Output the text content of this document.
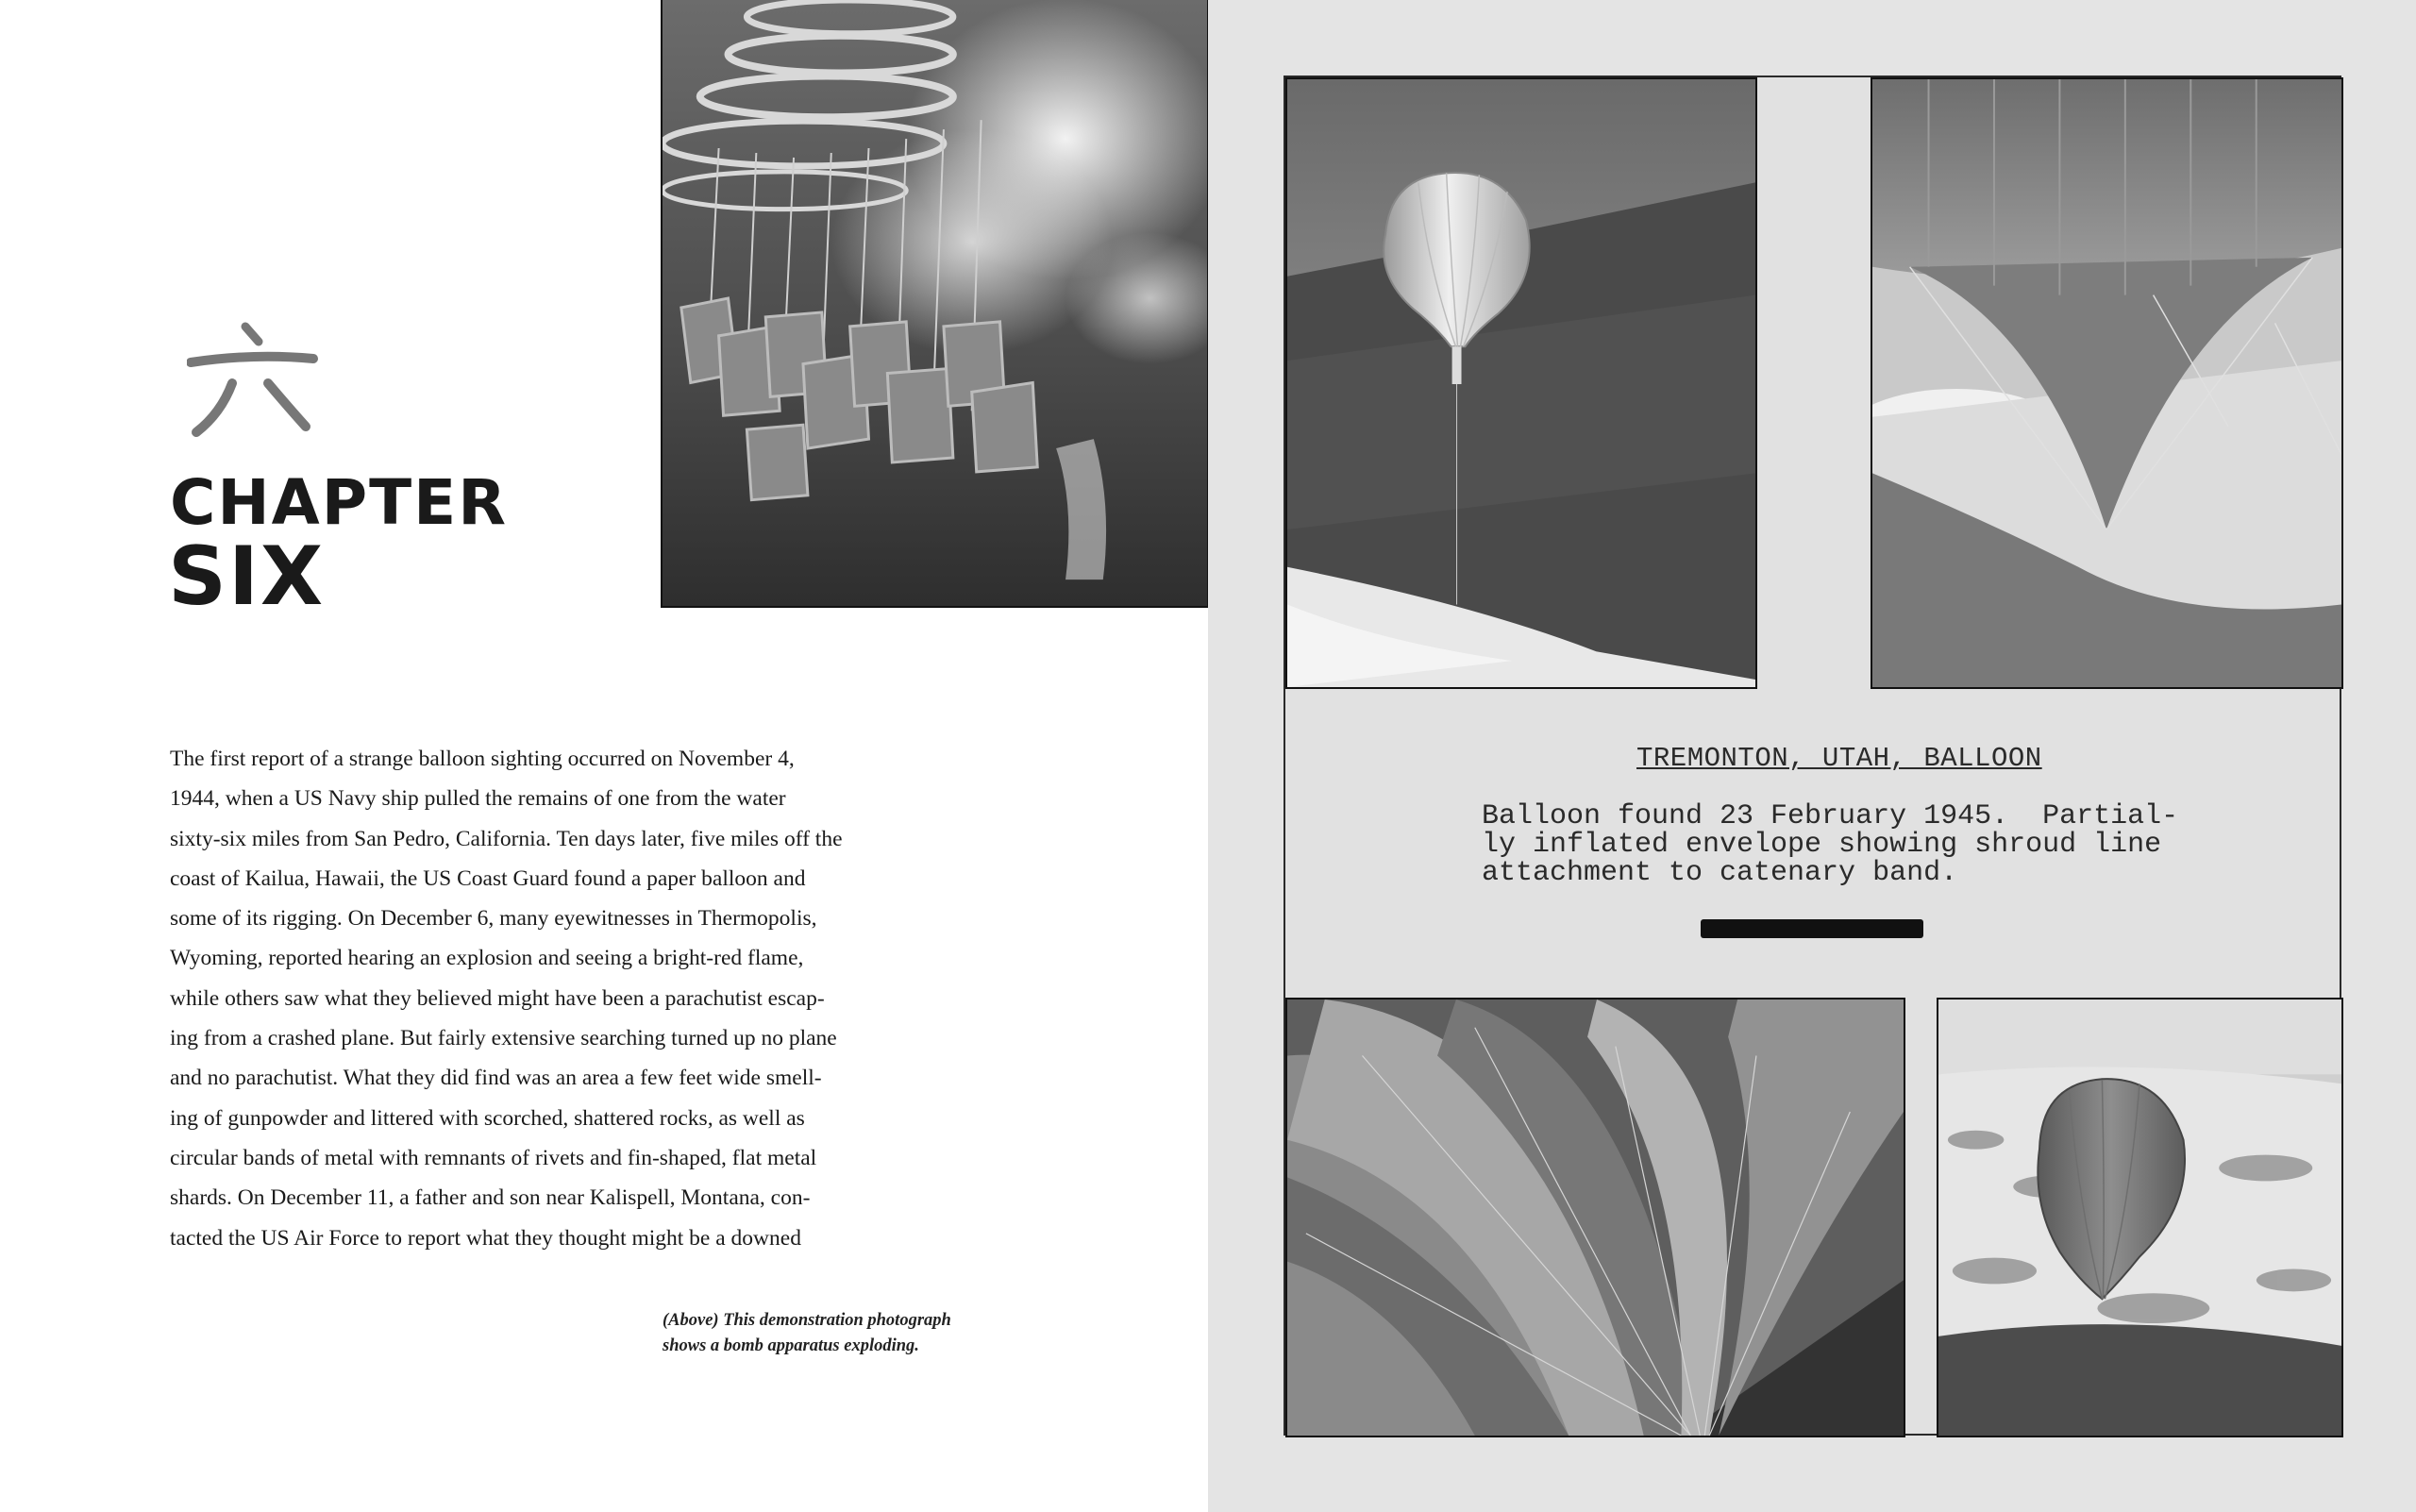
CHAPTER
SIX
The first report of a strange balloon sighting occurred on November 4,
1944, when a US Navy ship pulled the remains of one from the water
sixty-six miles from San Pedro, California. Ten days later, five miles off the
coast of Kailua, Hawaii, the US Coast Guard found a paper balloon and
some of its rigging. On December 6, many eyewitnesses in Thermopolis,
Wyoming, reported hearing an explosion and seeing a bright-red flame,
while others saw what they believed might have been a parachutist escap-
ing from a crashed plane. But fairly extensive searching turned up no plane
and no parachutist. What they did find was an area a few feet wide smell-
ing of gunpowder and littered with scorched, shattered rocks, as well as
circular bands of metal with remnants of rivets and fin-shaped, flat metal
shards. On December 11, a father and son near Kalispell, Montana, con-
tacted the US Air Force to report what they thought might be a downed
(Above) This demonstration photograph
shows a bomb apparatus exploding.
TREMONTON, UTAH, BALLOON
Balloon found 23 February 1945.  Partial-
ly inflated envelope showing shroud line
attachment to catenary band.
